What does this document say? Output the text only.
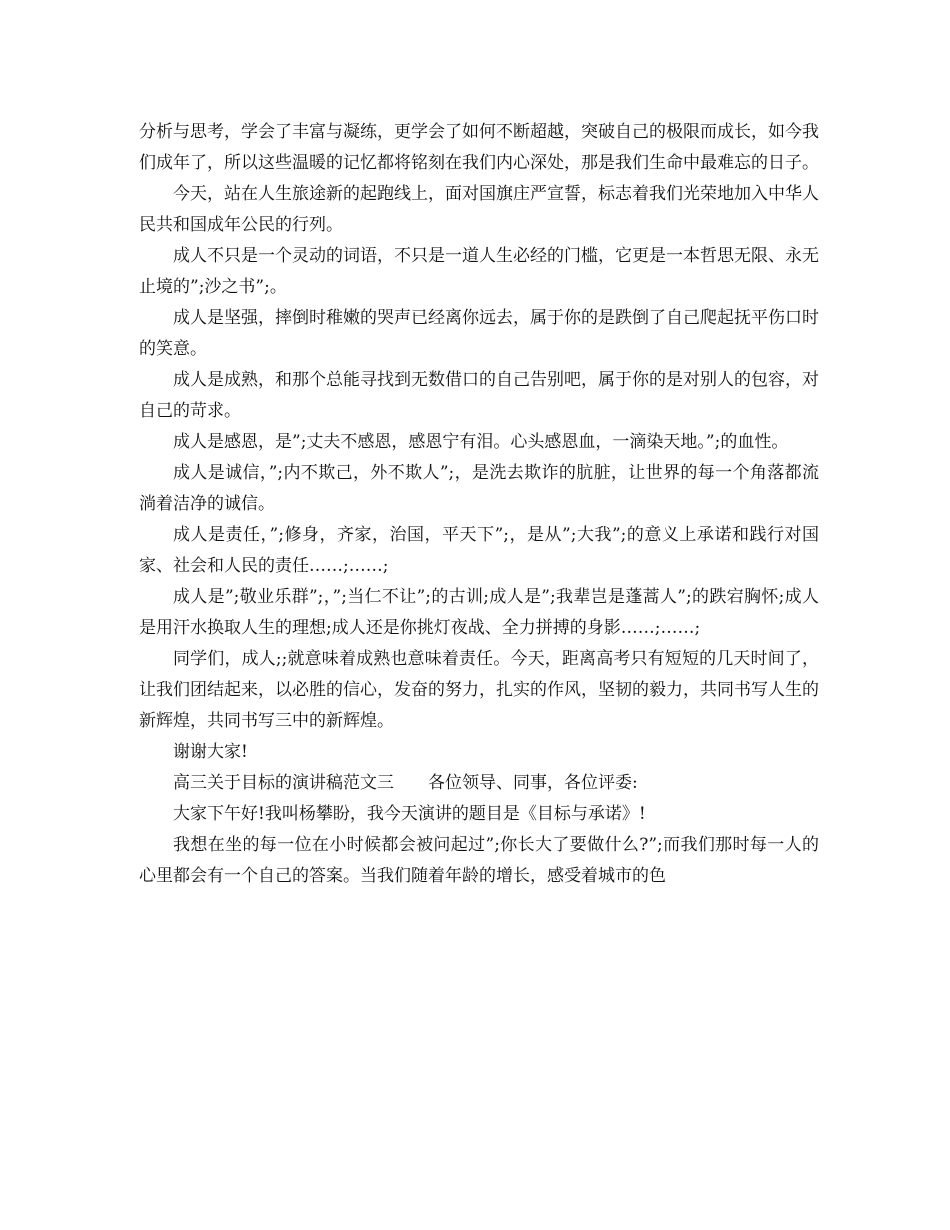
分析与思考，学会了丰富与凝练，更学会了如何不断超越，突破自己的极限而成长，如今我们成年了，所以这些温暖的记忆都将铭刻在我们内心深处，那是我们生命中最难忘的日子。

今天，站在人生旅途新的起跑线上，面对国旗庄严宣誓，标志着我们光荣地加入中华人民共和国成年公民的行列。

成人不只是一个灵动的词语，不只是一道人生必经的门槛，它更是一本哲思无限、永无止境的”;沙之书”;。

成人是坚强，摔倒时稚嫩的哭声已经离你远去，属于你的是跌倒了自己爬起抚平伤口时的笑意。

成人是成熟，和那个总能寻找到无数借口的自己告别吧，属于你的是对别人的包容，对自己的苛求。

成人是感恩，是”;丈夫不感恩，感恩宁有泪。心头感恩血，一滴染天地。”;的血性。

成人是诚信，”;内不欺己，外不欺人”;，是洗去欺诈的肮脏，让世界的每一个角落都流淌着洁净的诚信。

成人是责任，”;修身，齐家，治国，平天下”;，是从”;大我”;的意义上承诺和践行对国家、社会和人民的责任……;……;

成人是”;敬业乐群”;，”;当仁不让”;的古训;成人是”;我辈岂是蓬蒿人”;的跌宕胸怀;成人是用汗水换取人生的理想;成人还是你挑灯夜战、全力拼搏的身影……;……;

同学们，成人;;就意味着成熟也意味着责任。今天，距离高考只有短短的几天时间了，让我们团结起来，以必胜的信心，发奋的努力，扎实的作风，坚韧的毅力，共同书写人生的新辉煌，共同书写三中的新辉煌。

谢谢大家!

高三关于目标的演讲稿范文三　　各位领导、同事，各位评委:

大家下午好!我叫杨攀盼，我今天演讲的题目是《目标与承诺》!

我想在坐的每一位在小时候都会被问起过”;你长大了要做什么?”;而我们那时每一人的心里都会有一个自己的答案。当我们随着年龄的增长，感受着城市的色
